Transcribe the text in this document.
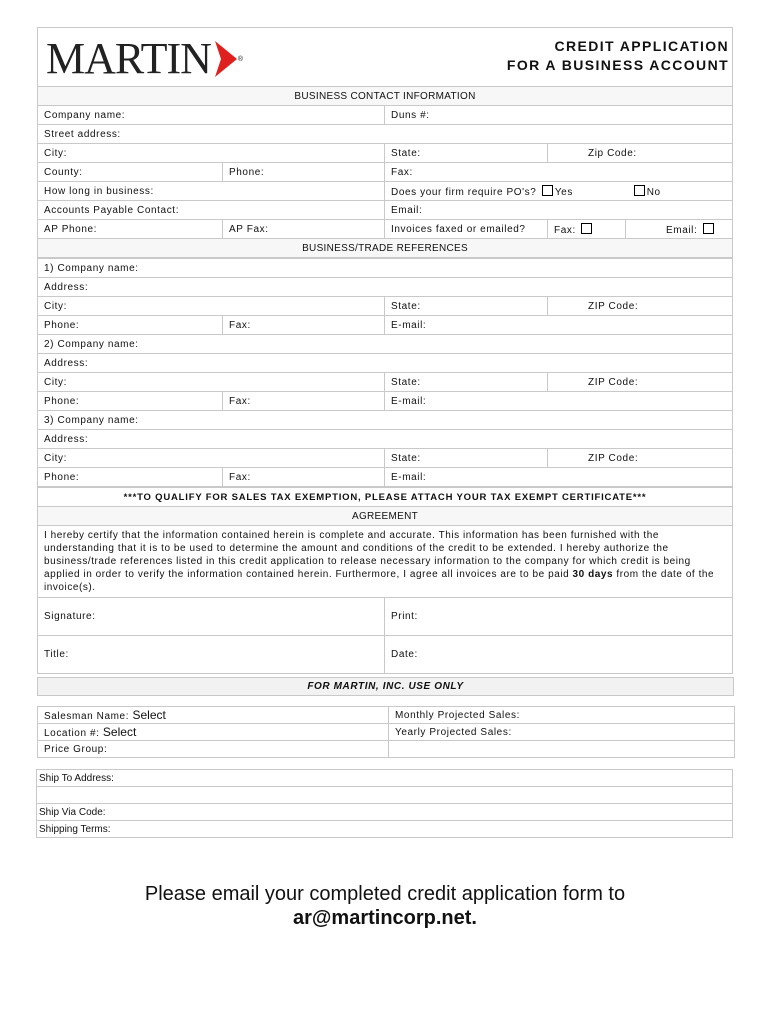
MARTIN ®
CREDIT APPLICATION
FOR A BUSINESS ACCOUNT				

BUSINESS CONTACT INFORMATION				
Company name:		Duns #:		
Street address:				
City:		State:	Zip Code:	
County:	Phone:	Fax:		
How long in business:		Does your firm require PO's? Yes No		
Accounts Payable Contact:		Email:		
AP Phone:	AP Fax:	Invoices faxed or emailed?	Fax:	Email:
BUSINESS/TRADE REFERENCES				
1) Company name:			
Address:			
City:		State:	ZIP Code:
Phone:	Fax:	E-mail:	
2) Company name:			
Address:			
City:		State:	ZIP Code:
Phone:	Fax:	E-mail:	
3) Company name:			
Address:			
City:		State:	ZIP Code:
Phone:	Fax:	E-mail:	
***TO QUALIFY FOR SALES TAX EXEMPTION, PLEASE ATTACH YOUR TAX EXEMPT CERTIFICATE***	
AGREEMENT	
I hereby certify that the information contained herein is complete and accurate. This information has been furnished with the understanding that it is to be used to determine the amount and conditions of the credit to be extended. I hereby authorize the business/trade references listed in this credit application to release necessary information to the company for which credit is being applied in order to verify the information contained herein. Furthermore, I agree all invoices are to be paid 30 days from the date of the invoice(s).	
Signature:	Print:
Title:	Date:
FOR MARTIN, INC. USE ONLY
Salesman Name: Select	Monthly Projected Sales:
Location #: Select	Yearly Projected Sales:
Price Group:	
Ship To Address:

Ship Via Code:
Shipping Terms:
Please email your completed credit application form to
ar@martincorp.net.
